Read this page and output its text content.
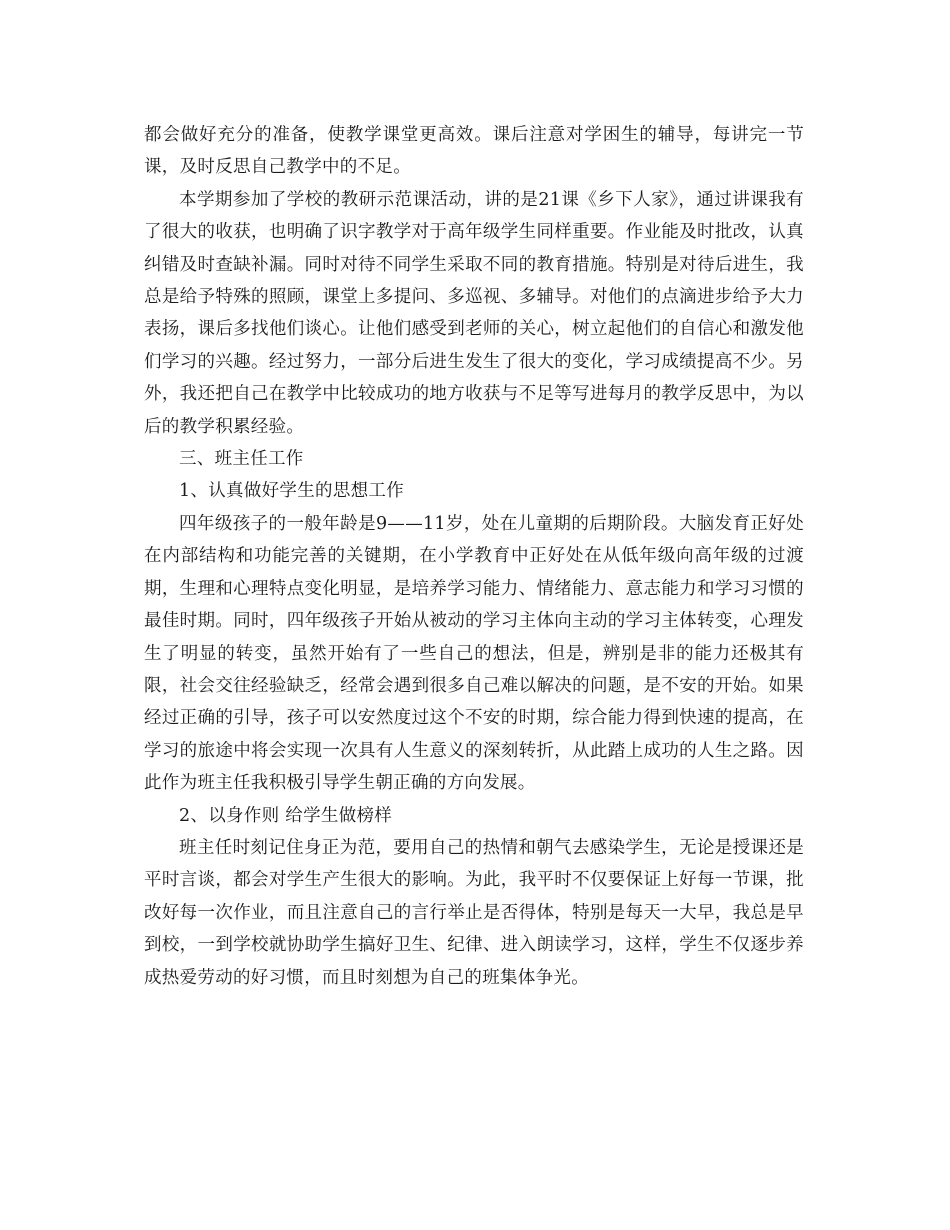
都会做好充分的准备，使教学课堂更高效。课后注意对学困生的辅导，每讲完一节课，及时反思自己教学中的不足。

本学期参加了学校的教研示范课活动，讲的是21课《乡下人家》，通过讲课我有了很大的收获，也明确了识字教学对于高年级学生同样重要。作业能及时批改，认真纠错及时查缺补漏。同时对待不同学生采取不同的教育措施。特别是对待后进生，我总是给予特殊的照顾，课堂上多提问、多巡视、多辅导。对他们的点滴进步给予大力表扬，课后多找他们谈心。让他们感受到老师的关心，树立起他们的自信心和激发他们学习的兴趣。经过努力，一部分后进生发生了很大的变化，学习成绩提高不少。另外，我还把自己在教学中比较成功的地方收获与不足等写进每月的教学反思中，为以后的教学积累经验。

三、班主任工作

1、认真做好学生的思想工作

四年级孩子的一般年龄是9——11岁，处在儿童期的后期阶段。大脑发育正好处在内部结构和功能完善的关键期，在小学教育中正好处在从低年级向高年级的过渡期，生理和心理特点变化明显，是培养学习能力、情绪能力、意志能力和学习习惯的最佳时期。同时，四年级孩子开始从被动的学习主体向主动的学习主体转变，心理发生了明显的转变，虽然开始有了一些自己的想法，但是，辨别是非的能力还极其有限，社会交往经验缺乏，经常会遇到很多自己难以解决的问题，是不安的开始。如果经过正确的引导，孩子可以安然度过这个不安的时期，综合能力得到快速的提高，在学习的旅途中将会实现一次具有人生意义的深刻转折，从此踏上成功的人生之路。因此作为班主任我积极引导学生朝正确的方向发展。

2、以身作则 给学生做榜样

班主任时刻记住身正为范，要用自己的热情和朝气去感染学生，无论是授课还是平时言谈，都会对学生产生很大的影响。为此，我平时不仅要保证上好每一节课，批改好每一次作业，而且注意自己的言行举止是否得体，特别是每天一大早，我总是早到校，一到学校就协助学生搞好卫生、纪律、进入朗读学习，这样，学生不仅逐步养成热爱劳动的好习惯，而且时刻想为自己的班集体争光。
